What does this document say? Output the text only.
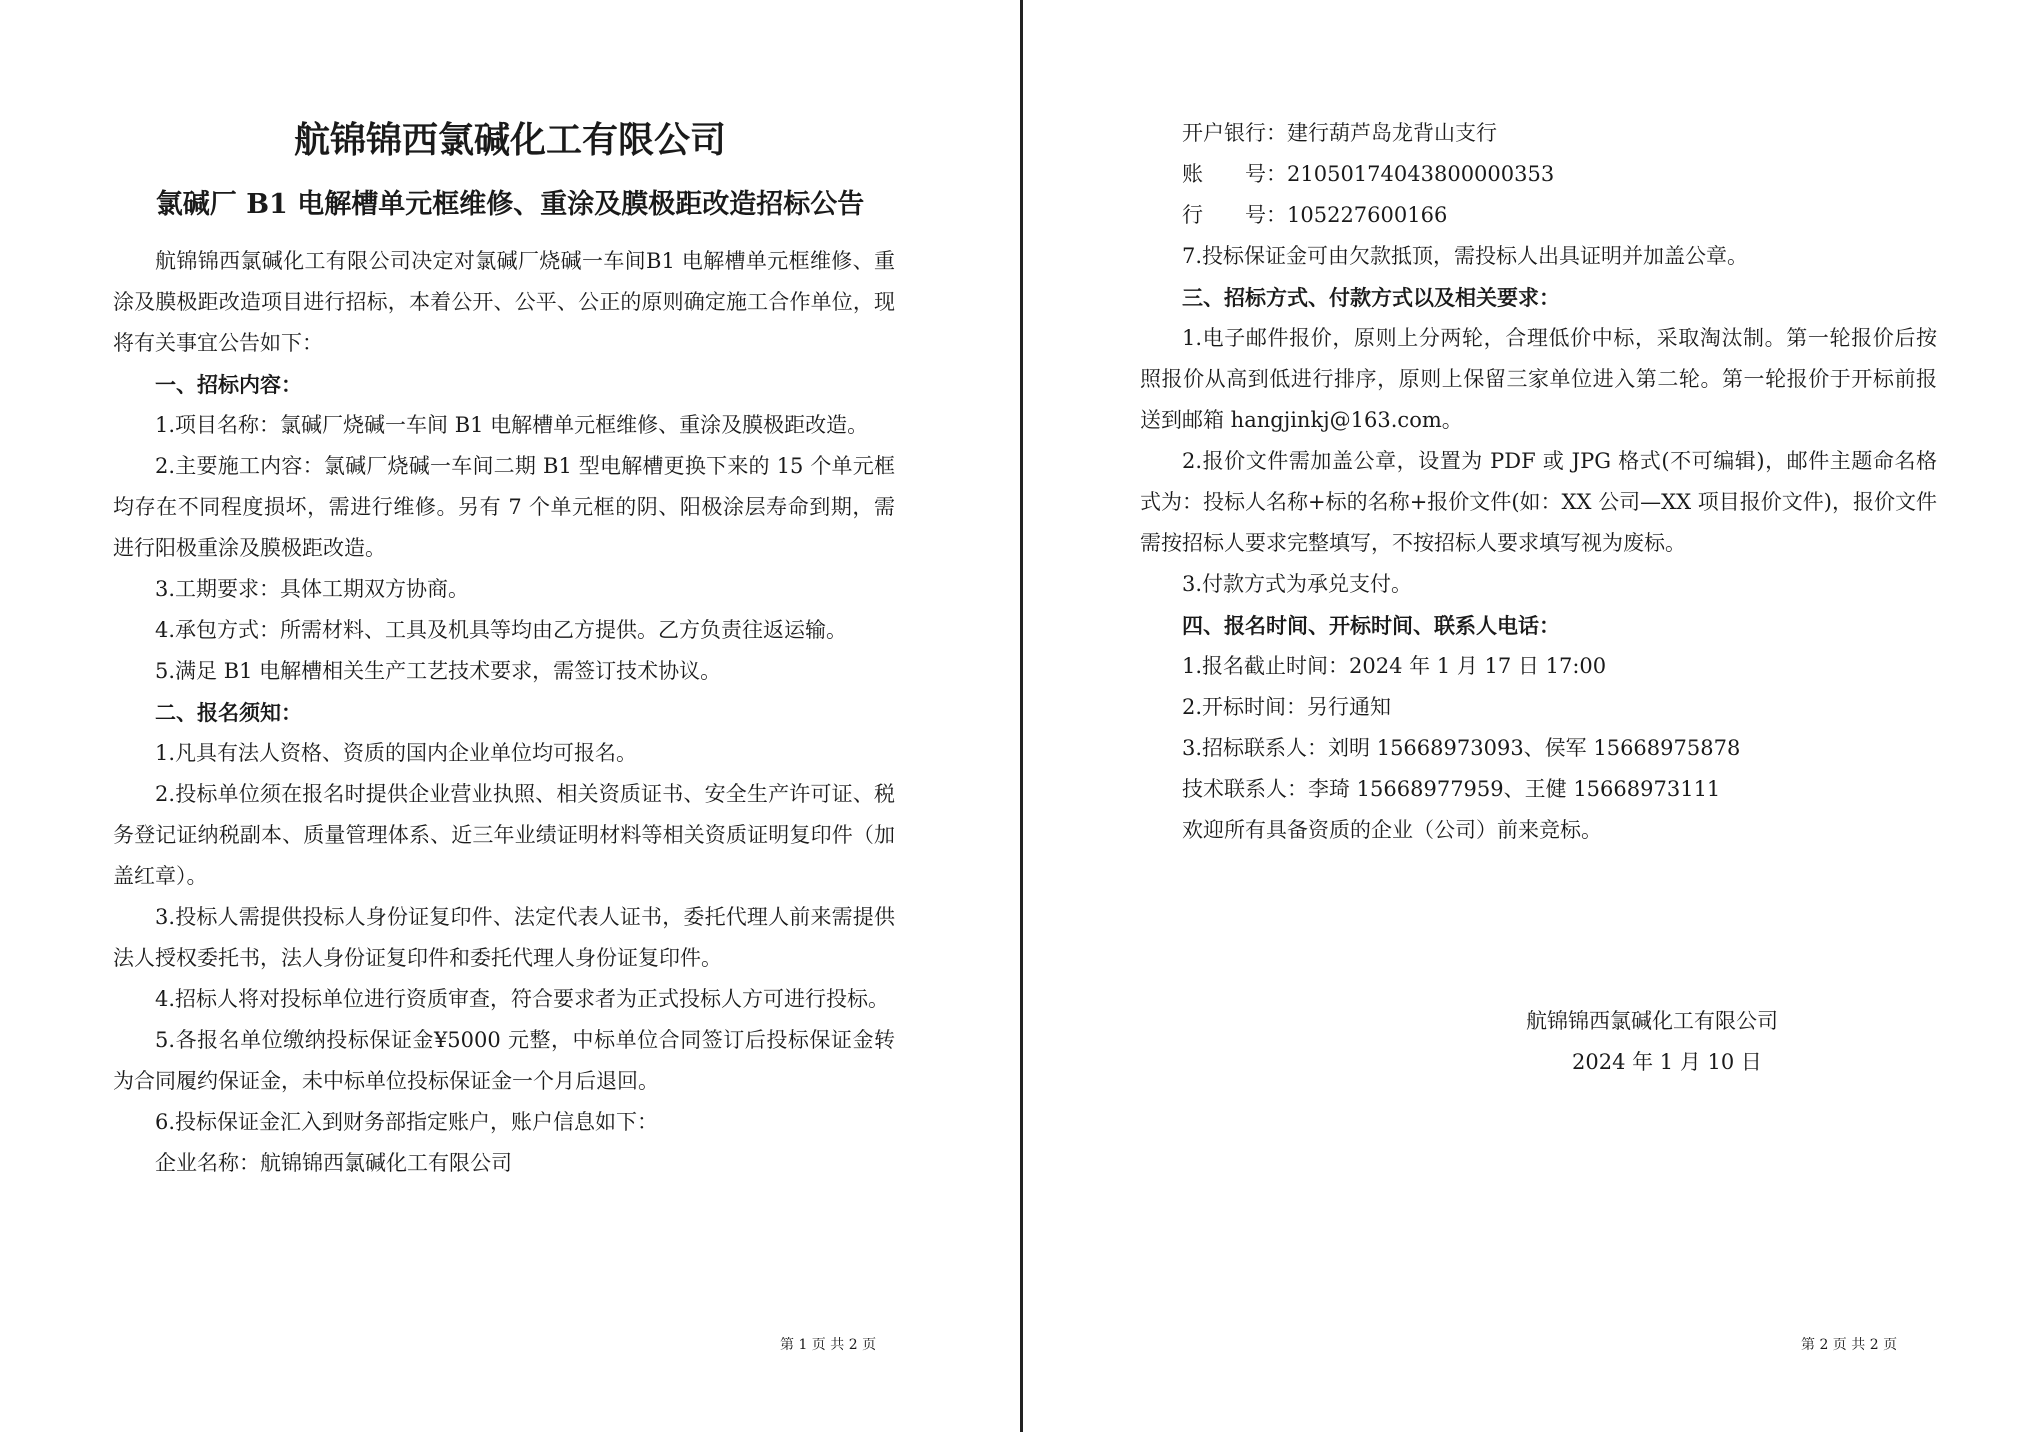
航锦锦西氯碱化工有限公司
氯碱厂 B1 电解槽单元框维修、重涂及膜极距改造招标公告

航锦锦西氯碱化工有限公司决定对氯碱厂烧碱一车间B1 电解槽单元框维修、重涂及膜极距改造项目进行招标，本着公开、公平、公正的原则确定施工合作单位，现将有关事宜公告如下：

一、招标内容：

1.项目名称：氯碱厂烧碱一车间 B1 电解槽单元框维修、重涂及膜极距改造。

2.主要施工内容：氯碱厂烧碱一车间二期 B1 型电解槽更换下来的 15 个单元框均存在不同程度损坏，需进行维修。另有 7 个单元框的阴、阳极涂层寿命到期，需进行阳极重涂及膜极距改造。

3.工期要求：具体工期双方协商。

4.承包方式：所需材料、工具及机具等均由乙方提供。乙方负责往返运输。

5.满足 B1 电解槽相关生产工艺技术要求，需签订技术协议。

二、报名须知：

1.凡具有法人资格、资质的国内企业单位均可报名。

2.投标单位须在报名时提供企业营业执照、相关资质证书、安全生产许可证、税务登记证纳税副本、质量管理体系、近三年业绩证明材料等相关资质证明复印件（加盖红章）。

3.投标人需提供投标人身份证复印件、法定代表人证书，委托代理人前来需提供法人授权委托书，法人身份证复印件和委托代理人身份证复印件。

4.招标人将对投标单位进行资质审查，符合要求者为正式投标人方可进行投标。

5.各报名单位缴纳投标保证金¥5000 元整，中标单位合同签订后投标保证金转为合同履约保证金，未中标单位投标保证金一个月后退回。

6.投标保证金汇入到财务部指定账户，账户信息如下：

企业名称：航锦锦西氯碱化工有限公司

第 1 页 共 2 页

开户银行：建行葫芦岛龙背山支行

账　　号：21050174043800000353

行　　号：105227600166

7.投标保证金可由欠款抵顶，需投标人出具证明并加盖公章。

三、招标方式、付款方式以及相关要求：

1.电子邮件报价，原则上分两轮，合理低价中标，采取淘汰制。第一轮报价后按照报价从高到低进行排序，原则上保留三家单位进入第二轮。第一轮报价于开标前报送到邮箱 hangjinkj@163.com。

2.报价文件需加盖公章，设置为 PDF 或 JPG 格式(不可编辑)，邮件主题命名格式为：投标人名称+标的名称+报价文件(如：XX 公司—XX 项目报价文件)，报价文件需按招标人要求完整填写，不按招标人要求填写视为废标。

3.付款方式为承兑支付。

四、报名时间、开标时间、联系人电话：

1.报名截止时间：2024 年 1 月 17 日 17:00

2.开标时间：另行通知

3.招标联系人：刘明 15668973093、侯军 15668975878

技术联系人：李琦 15668977959、王健 15668973111

欢迎所有具备资质的企业（公司）前来竞标。

航锦锦西氯碱化工有限公司
2024 年 1 月 10 日
第 2 页 共 2 页
